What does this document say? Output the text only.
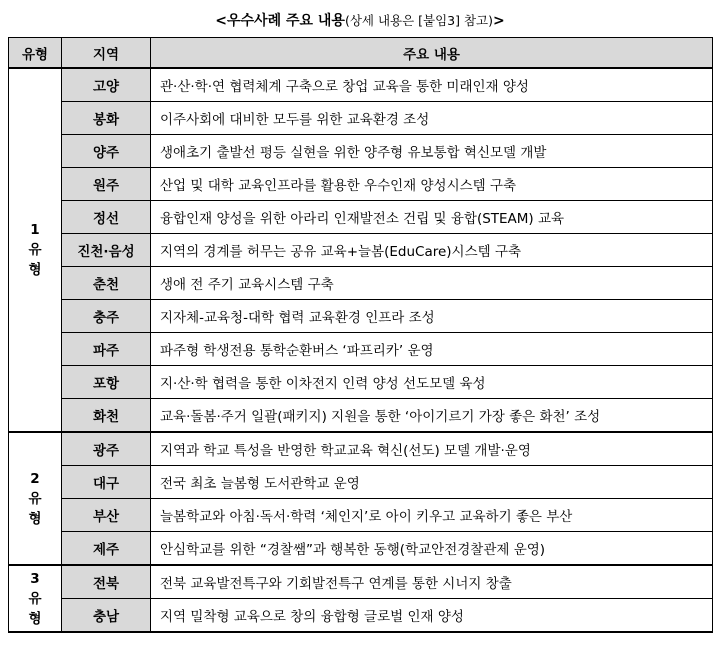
<우수사례 주요 내용(상세 내용은 [붙임3] 참고)>
유형	지역	주요 내용
1 유 형	고양	관·산·학·연 협력체계 구축으로 창업 교육을 통한 미래인재 양성
	봉화	이주사회에 대비한 모두를 위한 교육환경 조성
	양주	생애초기 출발선 평등 실현을 위한 양주형 유보통합 혁신모델 개발
	원주	산업 및 대학 교육인프라를 활용한 우수인재 양성시스템 구축
	정선	융합인재 양성을 위한 아라리 인재발전소 건립 및 융합(STEAM) 교육
	진천·음성	지역의 경계를 허무는 공유 교육+늘봄(EduCare)시스템 구축
	춘천	생애 전 주기 교육시스템 구축
	충주	지자체-교육청-대학 협력 교육환경 인프라 조성
	파주	파주형 학생전용 통학순환버스 ‘파프리카’ 운영
	포항	지·산·학 협력을 통한 이차전지 인력 양성 선도모델 육성
	화천	교육·돌봄·주거 일괄(패키지) 지원을 통한 ‘아이기르기 가장 좋은 화천’ 조성
2 유 형	광주	지역과 학교 특성을 반영한 학교교육 혁신(선도) 모델 개발·운영
	대구	전국 최초 늘봄형 도서관학교 운영
	부산	늘봄학교와 아침·독서·학력 ‘체인지’로 아이 키우고 교육하기 좋은 부산
	제주	안심학교를 위한 “경찰쌤”과 행복한 동행(학교안전경찰관제 운영)
3 유 형	전북	전북 교육발전특구와 기회발전특구 연계를 통한 시너지 창출
	충남	지역 밀착형 교육으로 창의 융합형 글로벌 인재 양성
